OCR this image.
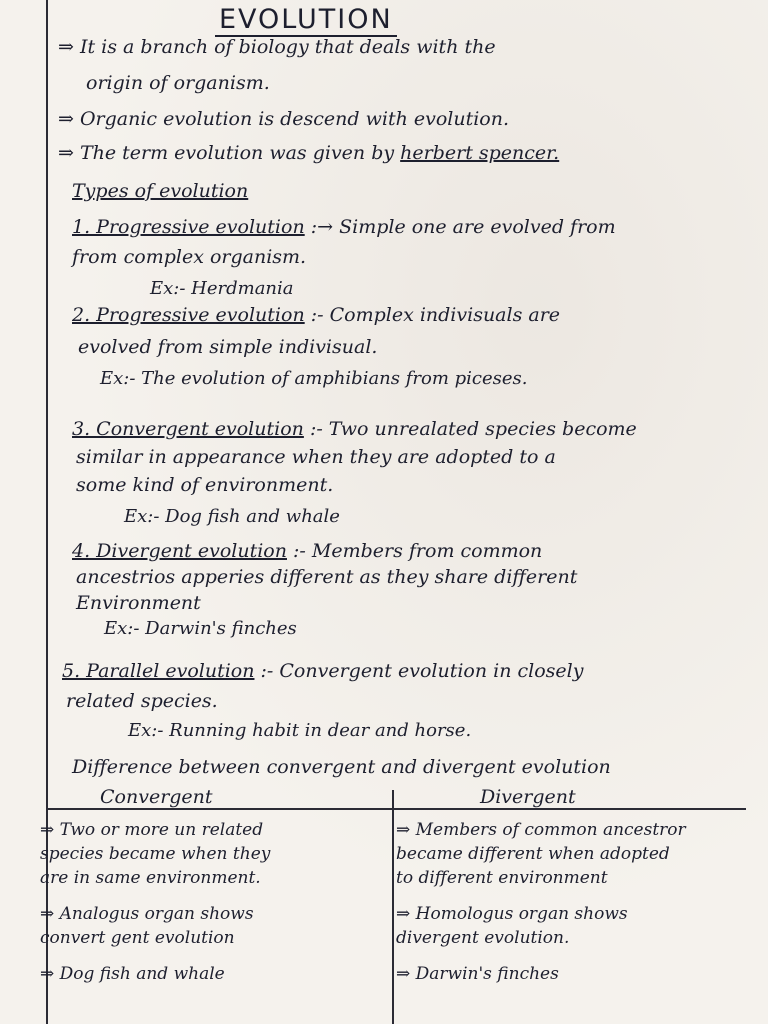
EVOLUTION
⇒ It is a branch of biology that deals with the
origin of organism.
⇒ Organic evolution is descend with evolution.
⇒ The term evolution was given by herbert spencer.
Types of evolution
1. Progressive evolution :→ Simple one are evolved from
from complex organism.
Ex:- Herdmania
2. Progressive evolution :- Complex indivisuals are
evolved from simple indivisual.
Ex:- The evolution of amphibians from piceses.
3. Convergent evolution :- Two unrealated species become
similar in appearance when they are adopted to a
some kind of environment.
Ex:- Dog fish and whale
4. Divergent evolution :- Members from common
ancestrios apperies different as they share different
Environment
Ex:- Darwin's finches
5. Parallel evolution :- Convergent evolution in closely
related species.
Ex:- Running habit in dear and horse.
Difference between convergent and divergent evolution
Convergent	Divergent
⇒ Two or more un related
species became when they
are in same environment.
⇒ Members of common ancestror
became different when adopted
to different environment
⇒ Analogus organ shows
convert gent evolution
⇒ Homologus organ shows
divergent evolution.
⇒ Dog fish and whale	⇒ Darwin's finches
